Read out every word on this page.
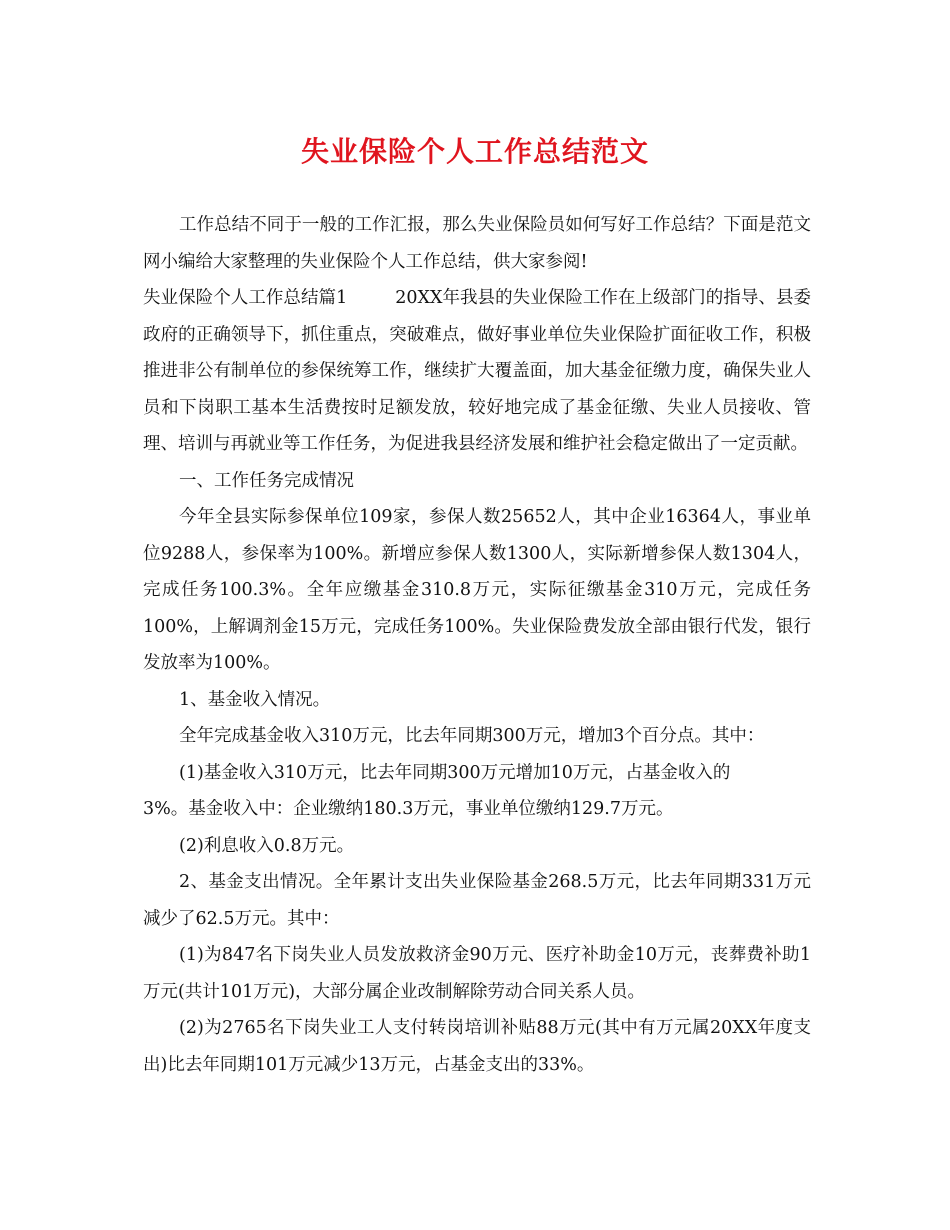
失业保险个人工作总结范文

工作总结不同于一般的工作汇报，那么失业保险员如何写好工作总结？下面是范文网小编给大家整理的失业保险个人工作总结，供大家参阅!

失业保险个人工作总结篇1	20XX年我县的失业保险工作在上级部门的指导、县委政府的正确领导下，抓住重点，突破难点，做好事业单位失业保险扩面征收工作，积极推进非公有制单位的参保统筹工作，继续扩大覆盖面，加大基金征缴力度，确保失业人员和下岗职工基本生活费按时足额发放，较好地完成了基金征缴、失业人员接收、管理、培训与再就业等工作任务，为促进我县经济发展和维护社会稳定做出了一定贡献。

一、工作任务完成情况

今年全县实际参保单位109家，参保人数25652人，其中企业16364人，事业单位9288人，参保率为100%。新增应参保人数1300人，实际新增参保人数1304人，完成任务100.3%。全年应缴基金310.8万元，实际征缴基金310万元，完成任务100%，上解调剂金15万元，完成任务100%。失业保险费发放全部由银行代发，银行发放率为100%。

1、基金收入情况。

全年完成基金收入310万元，比去年同期300万元，增加3个百分点。其中：

(1)基金收入310万元，比去年同期300万元增加10万元，占基金收入的

3%。基金收入中：企业缴纳180.3万元，事业单位缴纳129.7万元。

(2)利息收入0.8万元。

2、基金支出情况。全年累计支出失业保险基金268.5万元，比去年同期331万元减少了62.5万元。其中：

(1)为847名下岗失业人员发放救济金90万元、医疗补助金10万元，丧葬费补助1万元(共计101万元)，大部分属企业改制解除劳动合同关系人员。

(2)为2765名下岗失业工人支付转岗培训补贴88万元(其中有万元属20XX年度支出)比去年同期101万元减少13万元，占基金支出的33%。
